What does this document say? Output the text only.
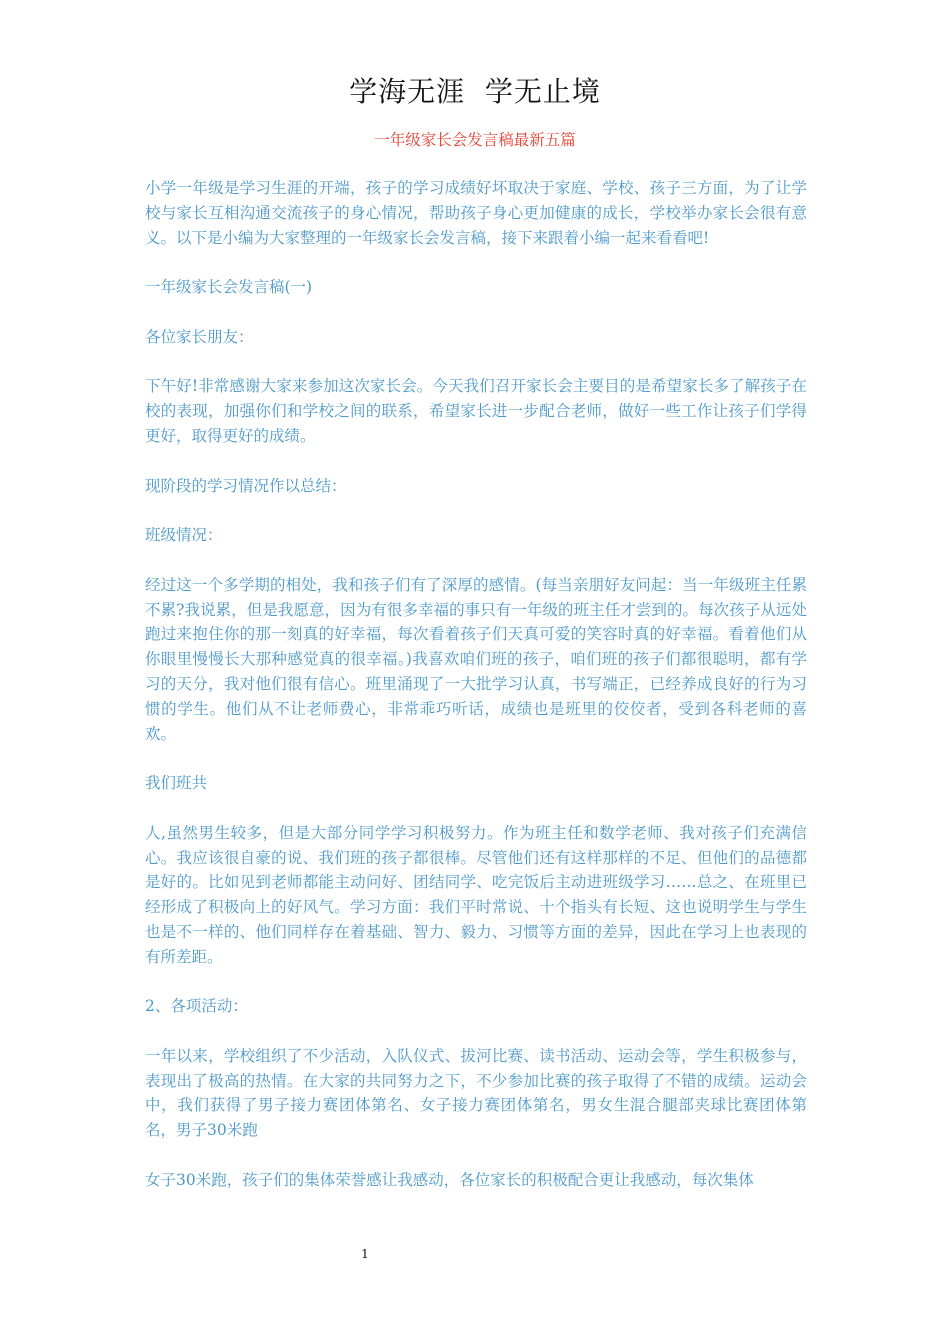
学海无涯  学无止境
一年级家长会发言稿最新五篇

小学一年级是学习生涯的开端，孩子的学习成绩好坏取决于家庭、学校、孩子三方面，为了让学校与家长互相沟通交流孩子的身心情况，帮助孩子身心更加健康的成长，学校举办家长会很有意义。以下是小编为大家整理的一年级家长会发言稿，接下来跟着小编一起来看看吧!

一年级家长会发言稿(一)

各位家长朋友：

下午好!非常感谢大家来参加这次家长会。今天我们召开家长会主要目的是希望家长多了解孩子在校的表现，加强你们和学校之间的联系，希望家长进一步配合老师，做好一些工作让孩子们学得更好，取得更好的成绩。

现阶段的学习情况作以总结：

班级情况：

经过这一个多学期的相处，我和孩子们有了深厚的感情。(每当亲朋好友问起：当一年级班主任累不累?我说累，但是我愿意，因为有很多幸福的事只有一年级的班主任才尝到的。每次孩子从远处跑过来抱住你的那一刻真的好幸福，每次看着孩子们天真可爱的笑容时真的好幸福。看着他们从你眼里慢慢长大那种感觉真的很幸福。)我喜欢咱们班的孩子，咱们班的孩子们都很聪明，都有学习的天分，我对他们很有信心。班里涌现了一大批学习认真，书写端正，已经养成良好的行为习惯的学生。他们从不让老师费心，非常乖巧听话，成绩也是班里的佼佼者，受到各科老师的喜欢。

我们班共

人,虽然男生较多，但是大部分同学学习积极努力。作为班主任和数学老师、我对孩子们充满信心。我应该很自豪的说、我们班的孩子都很棒。尽管他们还有这样那样的不足、但他们的品德都是好的。比如见到老师都能主动问好、团结同学、吃完饭后主动进班级学习……总之、在班里已经形成了积极向上的好风气。学习方面：我们平时常说、十个指头有长短、这也说明学生与学生也是不一样的、他们同样存在着基础、智力、毅力、习惯等方面的差异，因此在学习上也表现的有所差距。

2、各项活动：

一年以来，学校组织了不少活动，入队仪式、拔河比赛、读书活动、运动会等，学生积极参与，表现出了极高的热情。在大家的共同努力之下，不少参加比赛的孩子取得了不错的成绩。运动会中，我们获得了男子接力赛团体第名、女子接力赛团体第名，男女生混合腿部夹球比赛团体第名，男子30米跑

女子30米跑，孩子们的集体荣誉感让我感动，各位家长的积极配合更让我感动，每次集体

1
